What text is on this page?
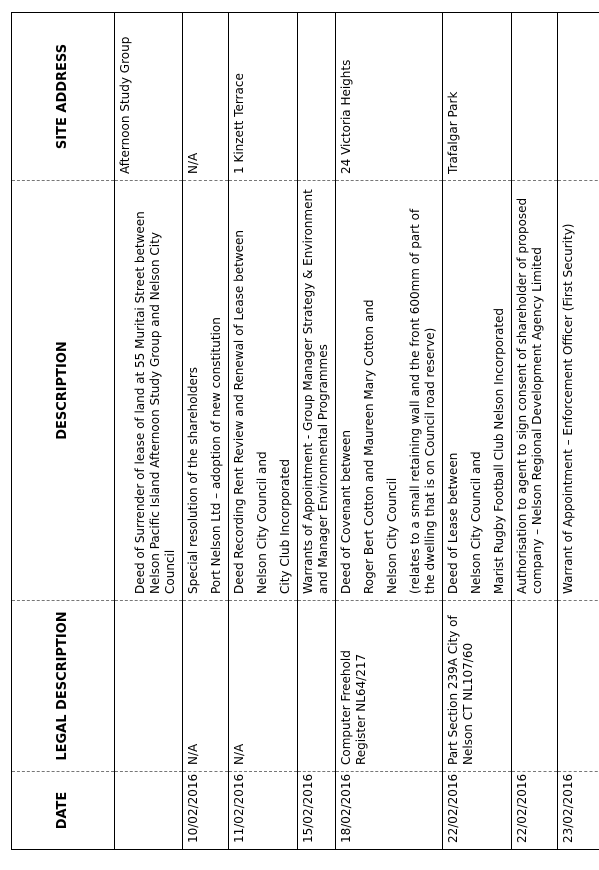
DATE	LEGAL DESCRIPTION	DESCRIPTION	SITE ADDRESS

		Deed of Surrender of lease of land at 55 Muritai Street between Nelson Pacific Island Afternoon Study Group and Nelson City Council	Afternoon Study Group
10/02/2016	N/A	Special resolution of the shareholders Port Nelson Ltd – adoption of new constitution	N/A
11/02/2016	N/A	Deed Recording Rent Review and Renewal of Lease between Nelson City Council and City Club Incorporated	1 Kinzett Terrace
15/02/2016		Warrants of Appointment - Group Manager Strategy & Environment and Manager Environmental Programmes	

18/02/2016	Computer Freehold Register NL64/217	Deed of Covenant between Roger Bert Cotton and Maureen Mary Cotton and Nelson City Council (relates to a small retaining wall and the front 600mm of part of the dwelling that is on Council road reserve)	24 Victoria Heights
22/02/2016	Part Section 239A City of Nelson CT NL107/60	Deed of Lease between Nelson City Council and Marist Rugby Football Club Nelson Incorporated	Trafalgar Park
22/02/2016		Authorisation to agent to sign consent of shareholder of proposed company – Nelson Regional Development Agency Limited	

23/02/2016		Warrant of Appointment – Enforcement Officer (First Security)	
